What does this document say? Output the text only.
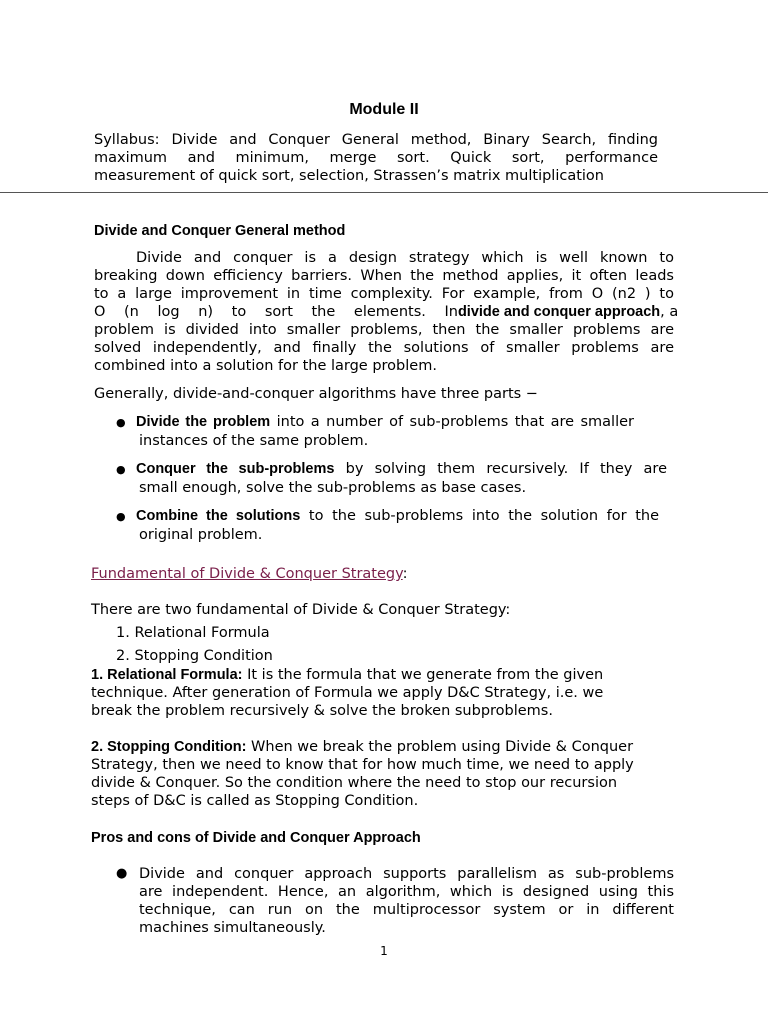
Module II
Syllabus: Divide and Conquer General method, Binary Search, finding
maximum and minimum, merge sort. Quick sort, performance
measurement of quick sort, selection, Strassen’s matrix multiplication
Divide and Conquer General method
Divide and conquer is a design strategy which is well known to
breaking down efficiency barriers. When the method applies, it often leads
to a large improvement in time complexity. For example, from O (n2 ) to
O (n log n) to sort the elements. In divide and conquer approach, a
problem is divided into smaller problems, then the smaller problems are
solved independently, and finally the solutions of smaller problems are
combined into a solution for the large problem.
Generally, divide-and-conquer algorithms have three parts −
● Divide the problem into a number of sub-problems that are smaller
instances of the same problem.
● Conquer the sub-problems by solving them recursively. If they are
small enough, solve the sub-problems as base cases.
● Combine the solutions to the sub-problems into the solution for the
original problem.
Fundamental of Divide & Conquer Strategy:
There are two fundamental of Divide & Conquer Strategy:
1. Relational Formula
2. Stopping Condition
1. Relational Formula: It is the formula that we generate from the given
technique. After generation of Formula we apply D&C Strategy, i.e. we
break the problem recursively & solve the broken subproblems.
2. Stopping Condition: When we break the problem using Divide & Conquer
Strategy, then we need to know that for how much time, we need to apply
divide & Conquer. So the condition where the need to stop our recursion
steps of D&C is called as Stopping Condition.
Pros and cons of Divide and Conquer Approach
● Divide and conquer approach supports parallelism as sub-problems
are independent. Hence, an algorithm, which is designed using this
technique, can run on the multiprocessor system or in different
machines simultaneously.
1
